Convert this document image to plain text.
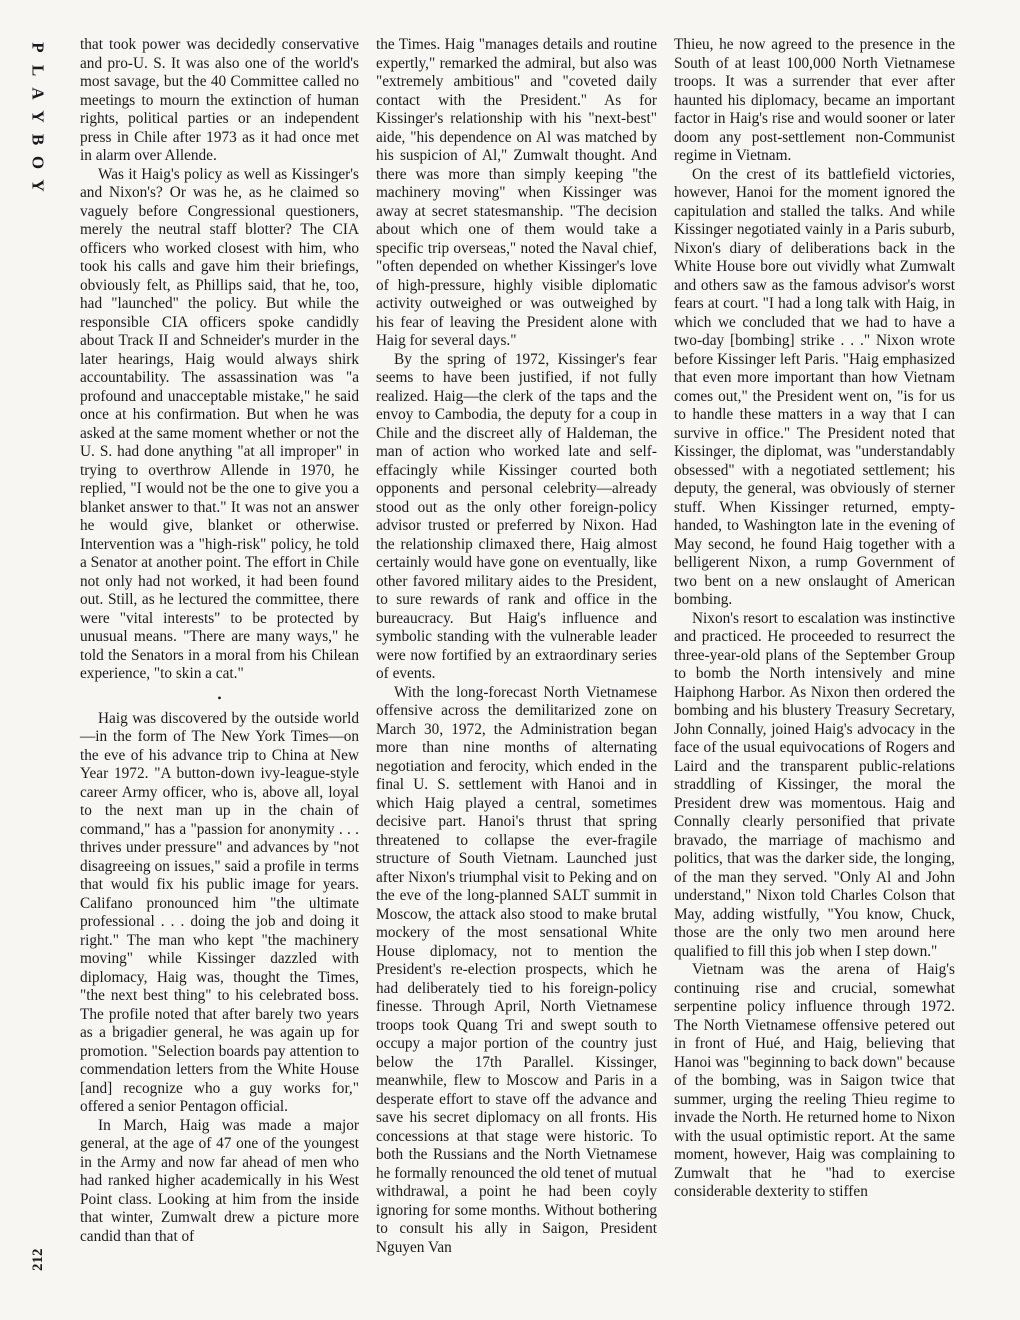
P
L
A
Y
B
O
Y
212

that took power was decidedly conservative and pro-U. S. It was also one of the world's most savage, but the 40 Committee called no meetings to mourn the extinction of human rights, political parties or an independent press in Chile after 1973 as it had once met in alarm over Allende.

Was it Haig's policy as well as Kissinger's and Nixon's? Or was he, as he claimed so vaguely before Congressional questioners, merely the neutral staff blotter? The CIA officers who worked closest with him, who took his calls and gave him their briefings, obviously felt, as Phillips said, that he, too, had "launched" the policy. But while the responsible CIA officers spoke candidly about Track II and Schneider's murder in the later hearings, Haig would always shirk accountability. The assassination was "a profound and unacceptable mistake," he said once at his confirmation. But when he was asked at the same moment whether or not the U. S. had done anything "at all improper" in trying to overthrow Allende in 1970, he replied, "I would not be the one to give you a blanket answer to that." It was not an answer he would give, blanket or otherwise. Intervention was a "high-risk" policy, he told a Senator at another point. The effort in Chile not only had not worked, it had been found out. Still, as he lectured the committee, there were "vital interests" to be protected by unusual means. "There are many ways," he told the Senators in a moral from his Chilean experience, "to skin a cat."

•

Haig was discovered by the outside world—in the form of The New York Times—on the eve of his advance trip to China at New Year 1972. "A button-down ivy-league-style career Army officer, who is, above all, loyal to the next man up in the chain of command," has a "passion for anonymity . . . thrives under pressure" and advances by "not disagreeing on issues," said a profile in terms that would fix his public image for years. Califano pronounced him "the ultimate professional . . . doing the job and doing it right." The man who kept "the machinery moving" while Kissinger dazzled with diplomacy, Haig was, thought the Times, "the next best thing" to his celebrated boss. The profile noted that after barely two years as a brigadier general, he was again up for promotion. "Selection boards pay attention to commendation letters from the White House [and] recognize who a guy works for," offered a senior Pentagon official.

In March, Haig was made a major general, at the age of 47 one of the youngest in the Army and now far ahead of men who had ranked higher academically in his West Point class. Looking at him from the inside that winter, Zumwalt drew a picture more candid than that of

the Times. Haig "manages details and routine expertly," remarked the admiral, but also was "extremely ambitious" and "coveted daily contact with the President." As for Kissinger's relationship with his "next-best" aide, "his dependence on Al was matched by his suspicion of Al," Zumwalt thought. And there was more than simply keeping "the machinery moving" when Kissinger was away at secret statesmanship. "The decision about which one of them would take a specific trip overseas," noted the Naval chief, "often depended on whether Kissinger's love of high-pressure, highly visible diplomatic activity outweighed or was outweighed by his fear of leaving the President alone with Haig for several days."

By the spring of 1972, Kissinger's fear seems to have been justified, if not fully realized. Haig—the clerk of the taps and the envoy to Cambodia, the deputy for a coup in Chile and the discreet ally of Haldeman, the man of action who worked late and self-effacingly while Kissinger courted both opponents and personal celebrity—already stood out as the only other foreign-policy advisor trusted or preferred by Nixon. Had the relationship climaxed there, Haig almost certainly would have gone on eventually, like other favored military aides to the President, to sure rewards of rank and office in the bureaucracy. But Haig's influence and symbolic standing with the vulnerable leader were now fortified by an extraordinary series of events.

With the long-forecast North Vietnamese offensive across the demilitarized zone on March 30, 1972, the Administration began more than nine months of alternating negotiation and ferocity, which ended in the final U. S. settlement with Hanoi and in which Haig played a central, sometimes decisive part. Hanoi's thrust that spring threatened to collapse the ever-fragile structure of South Vietnam. Launched just after Nixon's triumphal visit to Peking and on the eve of the long-planned SALT summit in Moscow, the attack also stood to make brutal mockery of the most sensational White House diplomacy, not to mention the President's re-election prospects, which he had deliberately tied to his foreign-policy finesse. Through April, North Vietnamese troops took Quang Tri and swept south to occupy a major portion of the country just below the 17th Parallel. Kissinger, meanwhile, flew to Moscow and Paris in a desperate effort to stave off the advance and save his secret diplomacy on all fronts. His concessions at that stage were historic. To both the Russians and the North Vietnamese he formally renounced the old tenet of mutual withdrawal, a point he had been coyly ignoring for some months. Without bothering to consult his ally in Saigon, President Nguyen Van

Thieu, he now agreed to the presence in the South of at least 100,000 North Vietnamese troops. It was a surrender that ever after haunted his diplomacy, became an important factor in Haig's rise and would sooner or later doom any post-settlement non-Communist regime in Vietnam.

On the crest of its battlefield victories, however, Hanoi for the moment ignored the capitulation and stalled the talks. And while Kissinger negotiated vainly in a Paris suburb, Nixon's diary of deliberations back in the White House bore out vividly what Zumwalt and others saw as the famous advisor's worst fears at court. "I had a long talk with Haig, in which we concluded that we had to have a two-day [bombing] strike . . ." Nixon wrote before Kissinger left Paris. "Haig emphasized that even more important than how Vietnam comes out," the President went on, "is for us to handle these matters in a way that I can survive in office." The President noted that Kissinger, the diplomat, was "understandably obsessed" with a negotiated settlement; his deputy, the general, was obviously of sterner stuff. When Kissinger returned, empty-handed, to Washington late in the evening of May second, he found Haig together with a belligerent Nixon, a rump Government of two bent on a new onslaught of American bombing.

Nixon's resort to escalation was instinctive and practiced. He proceeded to resurrect the three-year-old plans of the September Group to bomb the North intensively and mine Haiphong Harbor. As Nixon then ordered the bombing and his blustery Treasury Secretary, John Connally, joined Haig's advocacy in the face of the usual equivocations of Rogers and Laird and the transparent public-relations straddling of Kissinger, the moral the President drew was momentous. Haig and Connally clearly personified that private bravado, the marriage of machismo and politics, that was the darker side, the longing, of the man they served. "Only Al and John understand," Nixon told Charles Colson that May, adding wistfully, "You know, Chuck, those are the only two men around here qualified to fill this job when I step down."

Vietnam was the arena of Haig's continuing rise and crucial, somewhat serpentine policy influence through 1972. The North Vietnamese offensive petered out in front of Hué, and Haig, believing that Hanoi was "beginning to back down" because of the bombing, was in Saigon twice that summer, urging the reeling Thieu regime to invade the North. He returned home to Nixon with the usual optimistic report. At the same moment, however, Haig was complaining to Zumwalt that he "had to exercise considerable dexterity to stiffen
